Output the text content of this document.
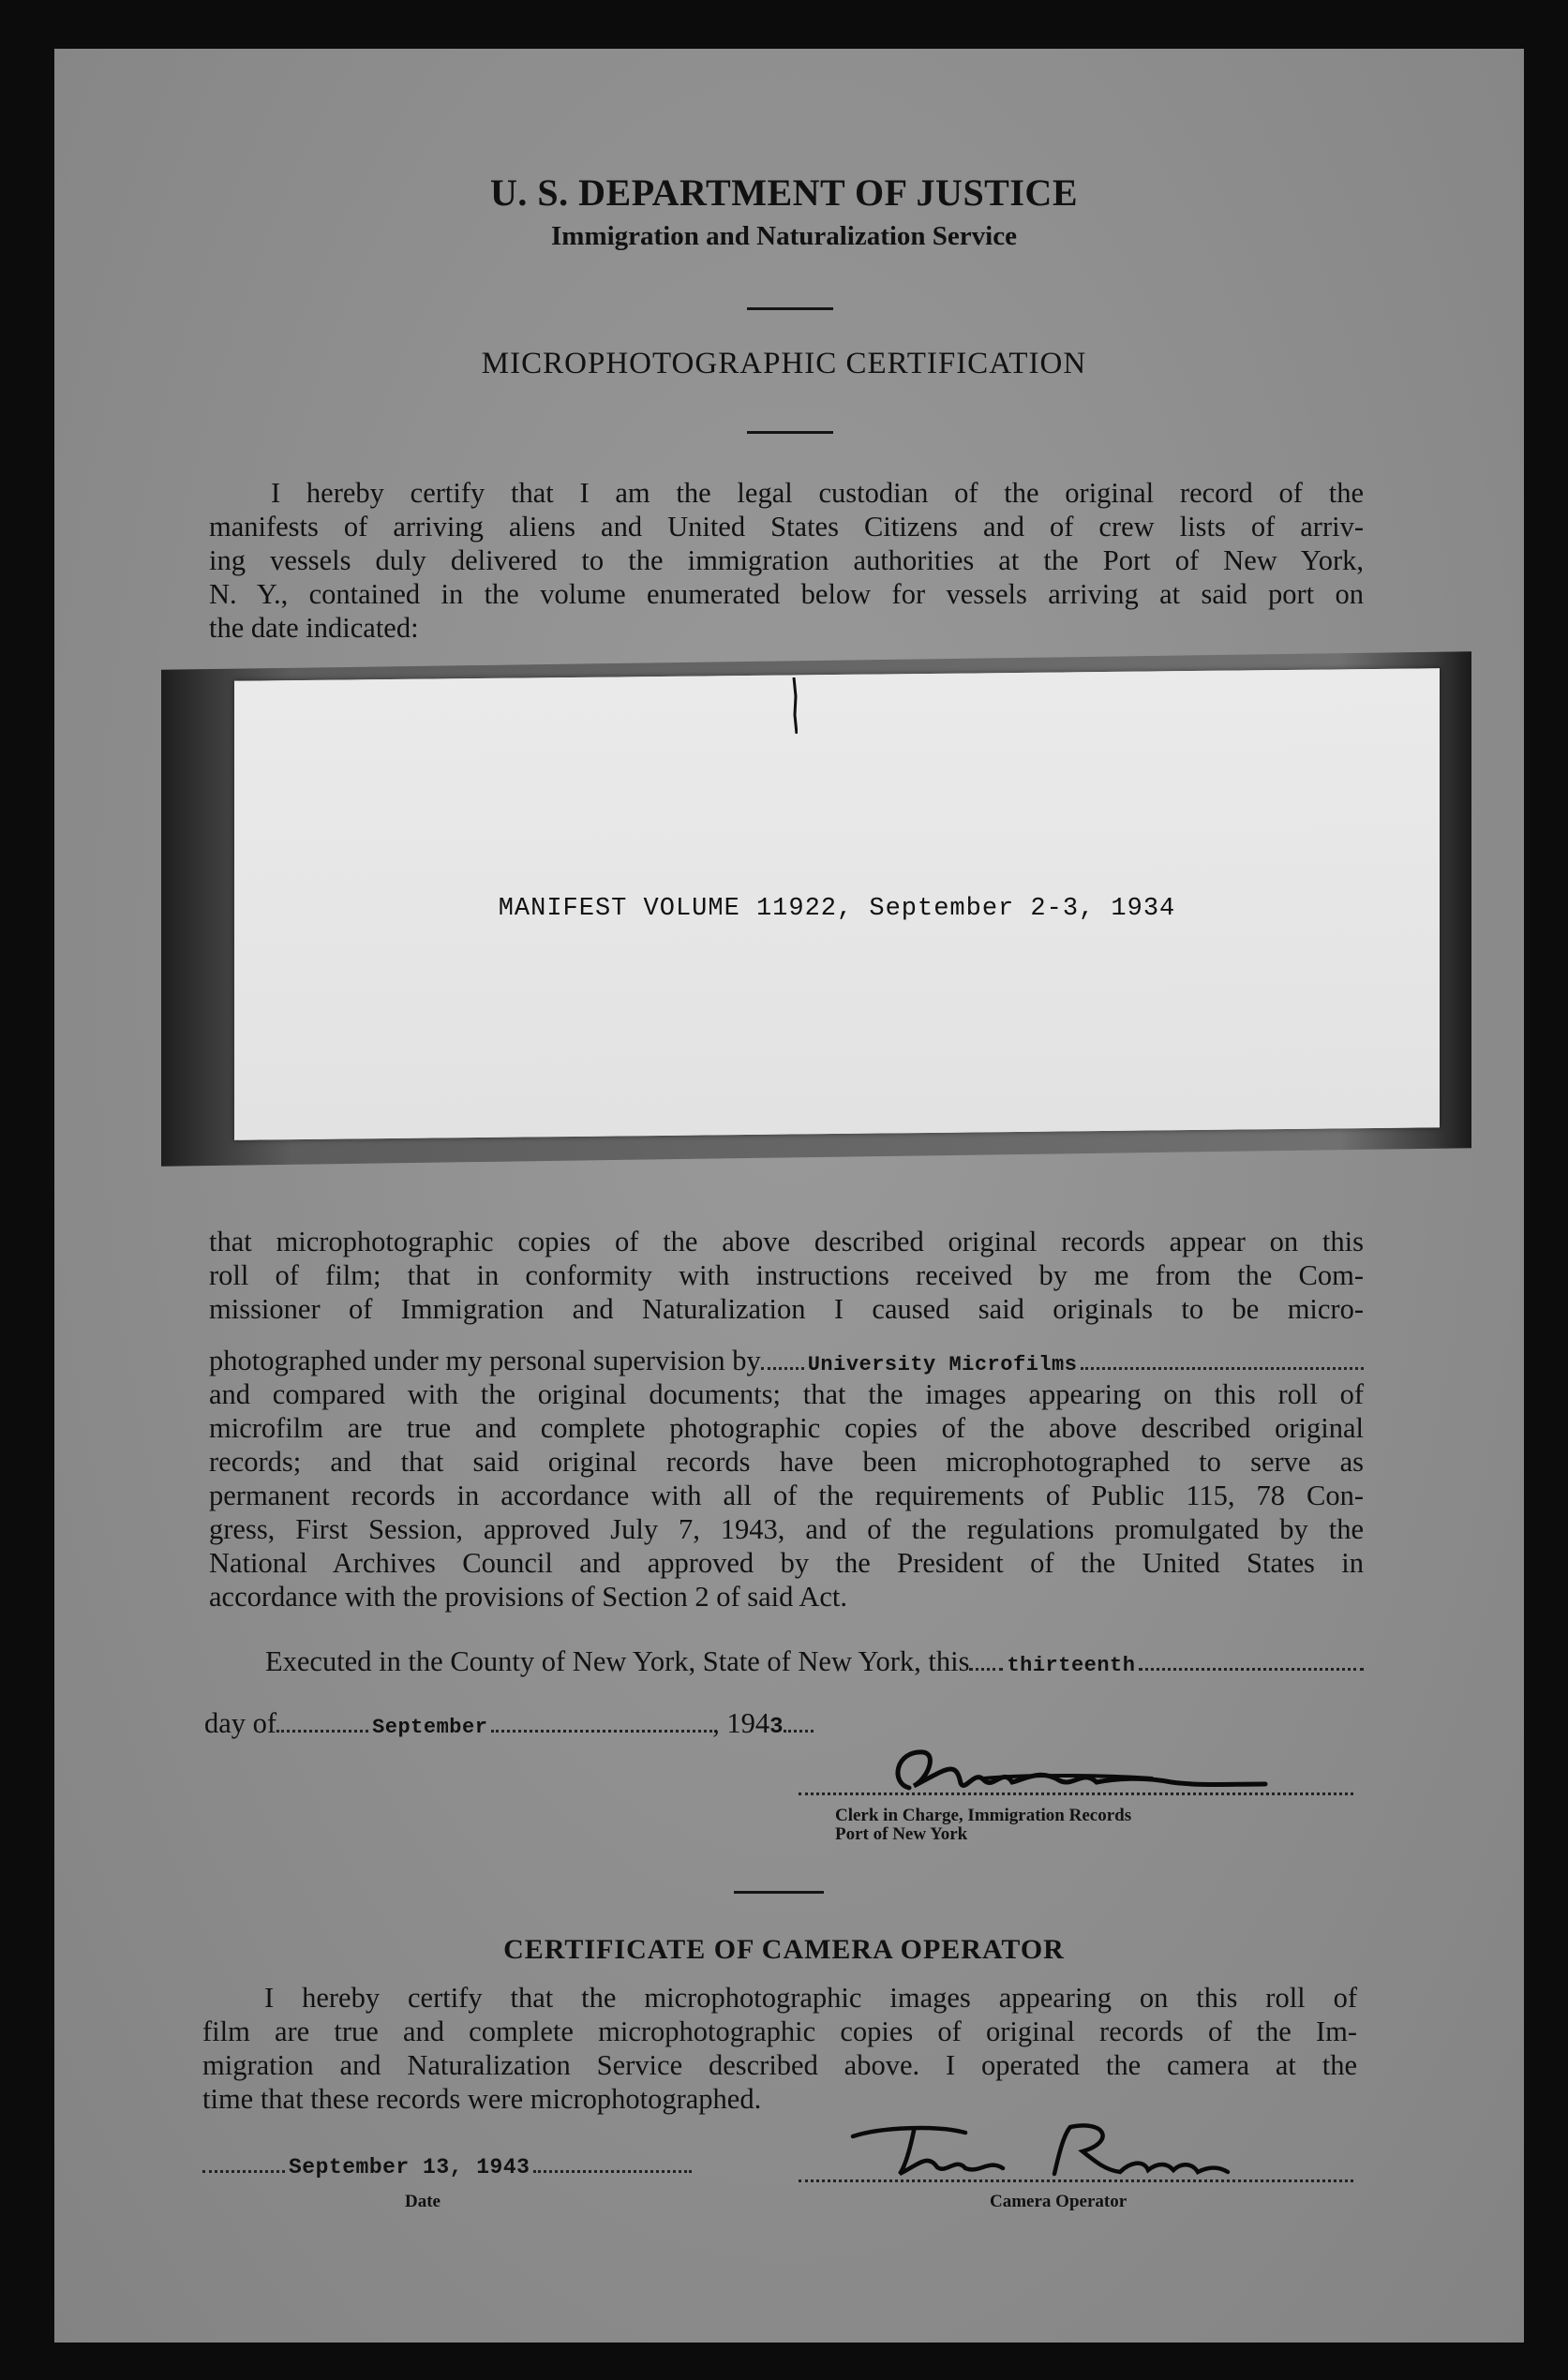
U. S. DEPARTMENT OF JUSTICE
Immigration and Naturalization Service
MICROPHOTOGRAPHIC CERTIFICATION
I hereby certify that I am the legal custodian of the original record of the
manifests of arriving aliens and United States Citizens and of crew lists of arriv-
ing vessels duly delivered to the immigration authorities at the Port of New York,
N. Y., contained in the volume enumerated below for vessels arriving at said port on
the date indicated:
MANIFEST VOLUME 11922, September 2-3, 1934
that microphotographic copies of the above described original records appear on this
roll of film; that in conformity with instructions received by me from the Com-
missioner of Immigration and Naturalization I caused said originals to be micro-
photographed under my personal supervision by University Microfilms
and compared with the original documents; that the images appearing on this roll of
microfilm are true and complete photographic copies of the above described original
records; and that said original records have been microphotographed to serve as
permanent records in accordance with all of the requirements of Public 115, 78 Con-
gress, First Session, approved July 7, 1943, and of the regulations promulgated by the
National Archives Council and approved by the President of the United States in
accordance with the provisions of Section 2 of said Act.
Executed in the County of New York, State of New York, this thirteenth
day of	September	, 194 3
Clerk in Charge, Immigration Records
Port of New York
CERTIFICATE OF CAMERA OPERATOR
I hereby certify that the microphotographic images appearing on this roll of
film are true and complete microphotographic copies of original records of the Im-
migration and Naturalization Service described above. I operated the camera at the
time that these records were microphotographed.
September 13, 1943
Date	Camera Operator
